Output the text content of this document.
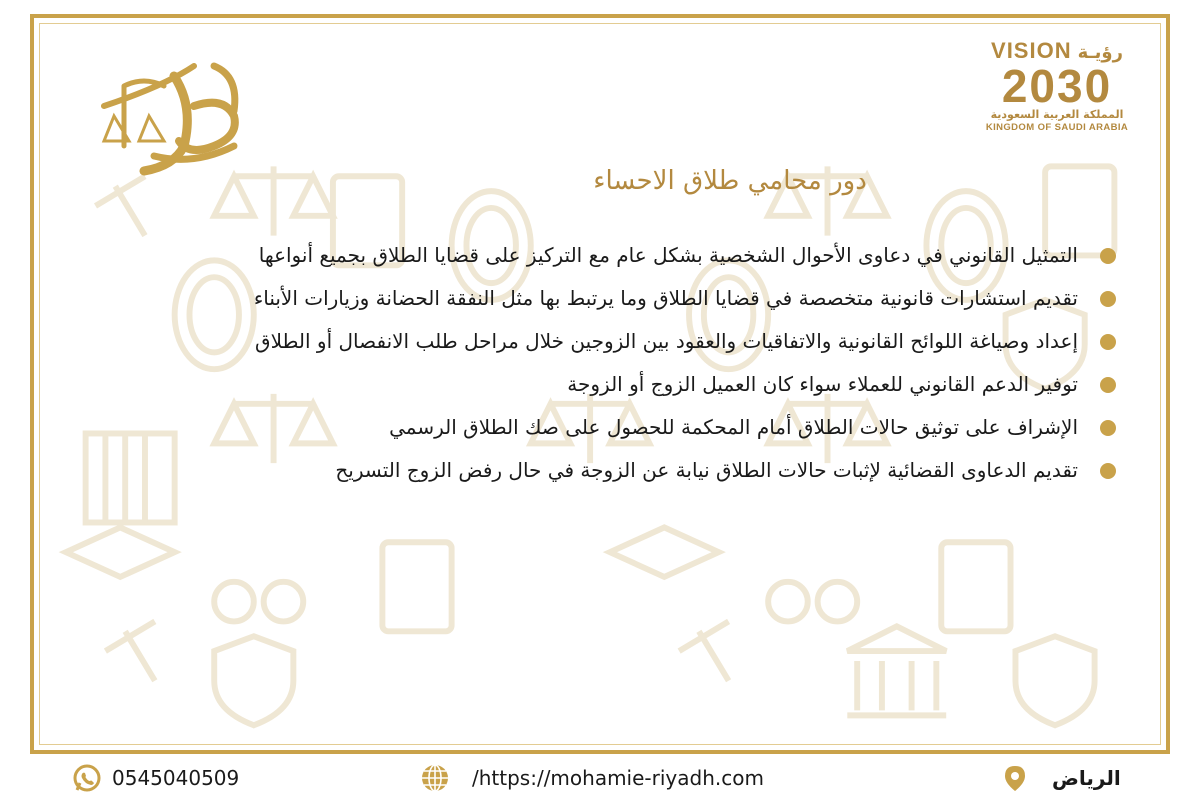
VISION رؤيـة
2030
المملكة العربية السعودية
KINGDOM OF SAUDI ARABIA
دور محامي طلاق الاحساء
التمثيل القانوني في دعاوى الأحوال الشخصية بشكل عام مع التركيز على قضايا الطلاق بجميع أنواعها
تقديم استشارات قانونية متخصصة في قضايا الطلاق وما يرتبط بها مثل النفقة الحضانة وزيارات الأبناء
إعداد وصياغة اللوائح القانونية والاتفاقيات والعقود بين الزوجين خلال مراحل طلب الانفصال أو الطلاق
توفير الدعم القانوني للعملاء سواء كان العميل الزوج أو الزوجة
الإشراف على توثيق حالات الطلاق أمام المحكمة للحصول على صك الطلاق الرسمي
تقديم الدعاوى القضائية لإثبات حالات الطلاق نيابة عن الزوجة في حال رفض الزوج التسريح
0545040509	/https://mohamie-riyadh.com	الرياض
